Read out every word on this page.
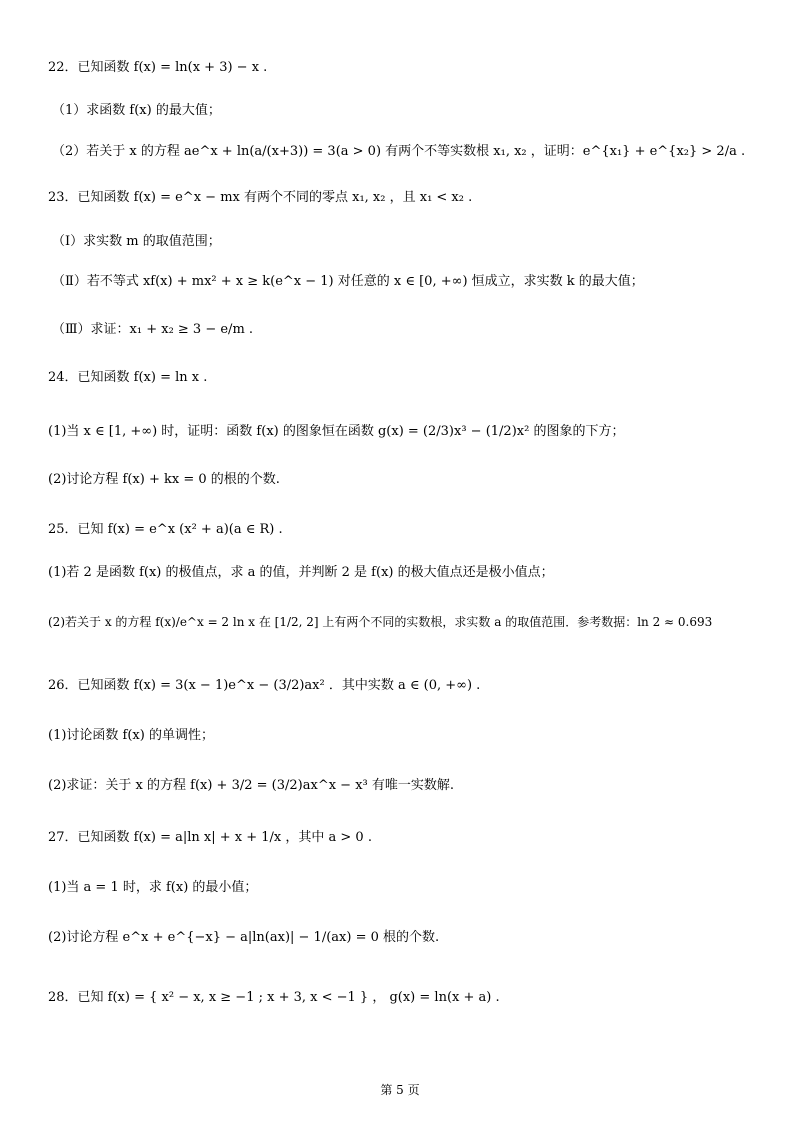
22．已知函数 f(x) = ln(x + 3) − x .
（1）求函数 f(x) 的最大值；
（2）若关于 x 的方程 ae^x + ln(a/(x+3)) = 3(a > 0) 有两个不等实数根 x₁, x₂ ，证明：e^{x₁} + e^{x₂} > 2/a .
23．已知函数 f(x) = e^x − mx 有两个不同的零点 x₁, x₂ ，且 x₁ < x₂ .
（Ⅰ）求实数 m 的取值范围；
（Ⅱ）若不等式 xf(x) + mx² + x ≥ k(e^x − 1) 对任意的 x ∈ [0, +∞) 恒成立，求实数 k 的最大值；
（Ⅲ）求证：x₁ + x₂ ≥ 3 − e/m .
24．已知函数 f(x) = ln x .
(1)当 x ∈ [1, +∞) 时，证明：函数 f(x) 的图象恒在函数 g(x) = (2/3)x³ − (1/2)x² 的图象的下方；
(2)讨论方程 f(x) + kx = 0 的根的个数.
25．已知 f(x) = e^x (x² + a)(a ∈ R) .
(1)若 2 是函数 f(x) 的极值点，求 a 的值，并判断 2 是 f(x) 的极大值点还是极小值点；
(2)若关于 x 的方程 f(x)/e^x = 2 ln x 在 [1/2, 2] 上有两个不同的实数根，求实数 a 的取值范围．参考数据：ln 2 ≈ 0.693
26．已知函数 f(x) = 3(x − 1)e^x − (3/2)ax² ．其中实数 a ∈ (0, +∞) .
(1)讨论函数 f(x) 的单调性；
(2)求证：关于 x 的方程 f(x) + 3/2 = (3/2)ax^x − x³ 有唯一实数解.
27．已知函数 f(x) = a|ln x| + x + 1/x ，其中 a > 0 .
(1)当 a = 1 时，求 f(x) 的最小值；
(2)讨论方程 e^x + e^{−x} − a|ln(ax)| − 1/(ax) = 0 根的个数.
28．已知 f(x) = { x² − x, x ≥ −1 ; x + 3, x < −1 } ， g(x) = ln(x + a) .
第 5 页
